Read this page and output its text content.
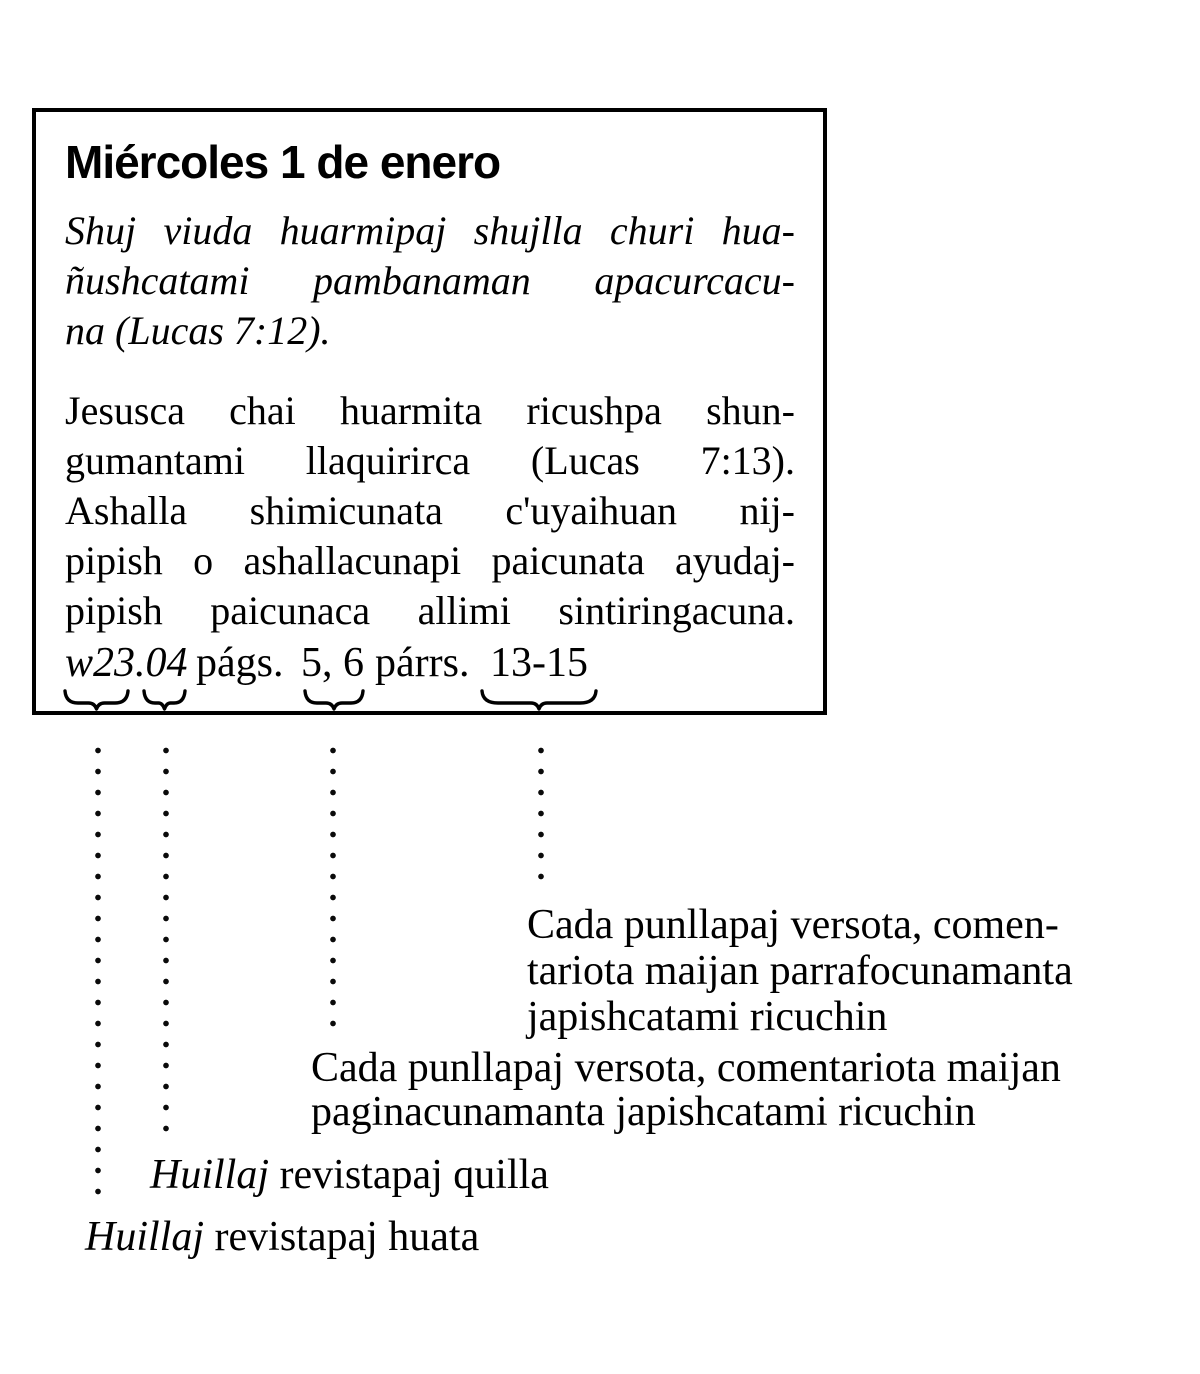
Miércoles 1 de enero
Shuj viuda huarmipaj shujlla churi hua-
ñushcatami pambanaman apacurcacu-
na (Lucas 7:12).
Jesusca chai huarmita ricushpa shun-
gumantami llaquirirca (Lucas 7:13).
Ashalla shimicunata c'uyaihuan nij-
pipish o ashallacunapi paicunata ayudaj-
pipish paicunaca allimi sintiringacuna.
w23.04 págs. 5, 6 párrs. 13-15
Cada punllapaj versota, comen-
tariota maijan parrafocunamanta
japishcatami ricuchin
Cada punllapaj versota, comentariota maijan
paginacunamanta japishcatami ricuchin
Huillaj revistapaj quilla
Huillaj revistapaj huata
